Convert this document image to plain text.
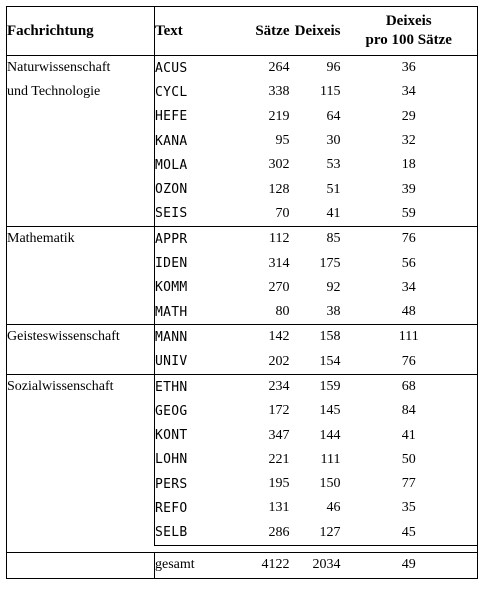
Fachrichtung	Text	Sätze	Deixeis	Deixeis
pro 100 Sätze
Naturwissenschaft
und Technologie	ACUS	264	96	36
	CYCL	338	115	34
	HEFE	219	64	29
	KANA	95	30	32
	MOLA	302	53	18
	OZON	128	51	39
	SEIS	70	41	59
Mathematik	APPR	112	85	76
	IDEN	314	175	56
	KOMM	270	92	34
	MATH	80	38	48
Geisteswissenschaft	MANN	142	158	111
	UNIV	202	154	76
Sozialwissenschaft	ETHN	234	159	68
	GEOG	172	145	84
	KONT	347	144	41
	LOHN	221	111	50
	PERS	195	150	77
	REFO	131	46	35
	SELB	286	127	45

	gesamt	4122	2034	49
